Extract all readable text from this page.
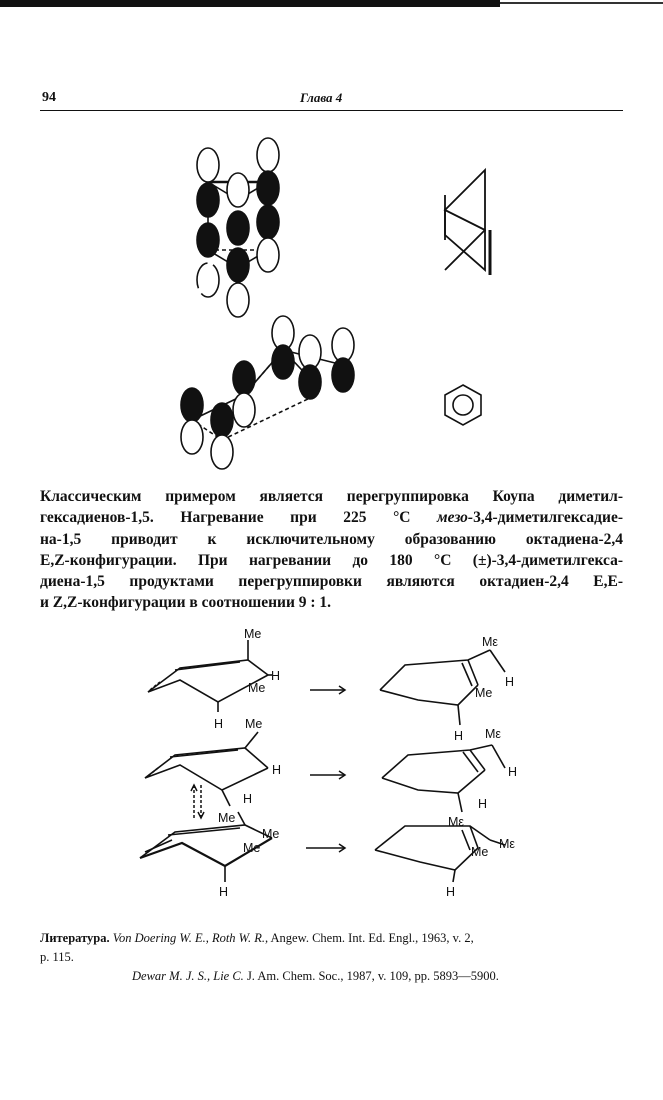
94	Глава 4
Классическим примером является перегруппировка Коупа диметил-
гексадиенов-1,5. Нагревание при 225 °С мезо-3,4-диметилгексадие-
на-1,5 приводит к исключительному образованию октадиена-2,4
E,Z-конфигурации. При нагревании до 180 °С (±)-3,4-диметилгекса-
диена-1,5 продуктами перегруппировки являются октадиен-2,4 E,E-
и Z,Z-конфигурации в соотношении 9 : 1.
Me
H
Me
H Me
H
H
Me
Me
Me
H
Mε
H
Me
H Mε
H
H
Mε
Mε
Me
H
Литература. Von Doering W. E., Roth W. R., Angew. Chem. Int. Ed. Engl., 1963, v. 2,
p. 115.
Dewar M. J. S., Lie C. J. Am. Chem. Soc., 1987, v. 109, pp. 5893—5900.
